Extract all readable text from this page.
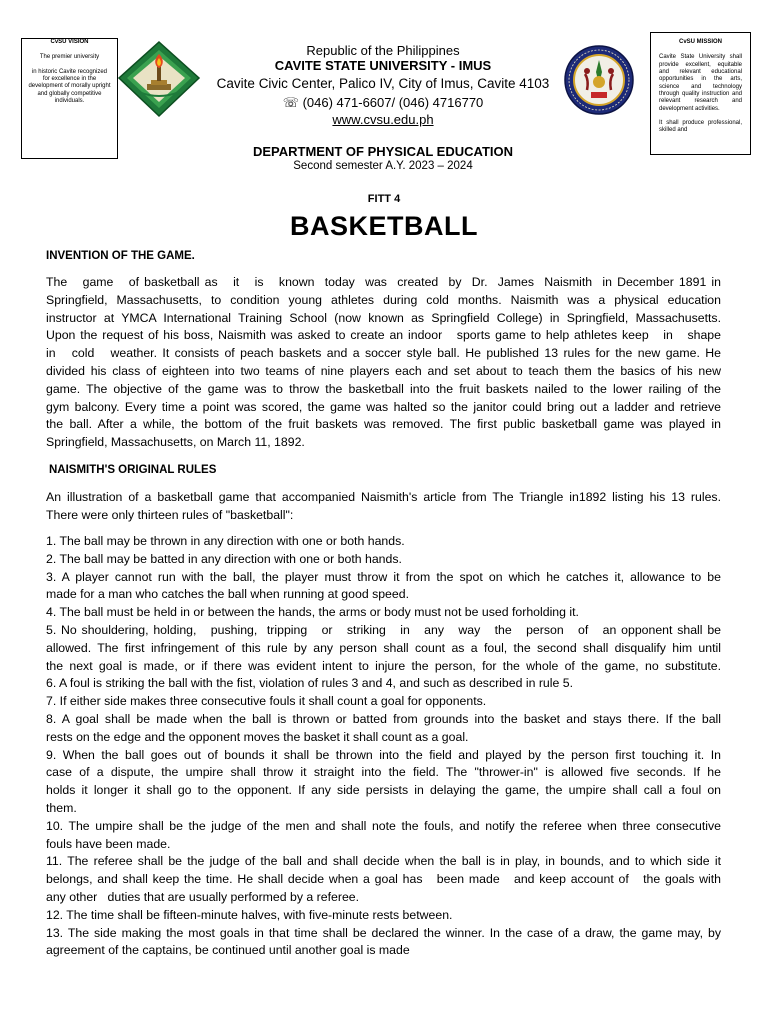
CvSU VISION
The premier university
in historic Cavite recognized for excellence in the development of morally upright and globally competitive individuals.
Republic of the Philippines
CAVITE STATE UNIVERSITY - IMUS
Cavite Civic Center, Palico IV, City of Imus, Cavite 4103
☏ (046) 471-6607/ (046) 4716770
www.cvsu.edu.ph
DEPARTMENT OF PHYSICAL EDUCATION
Second semester A.Y. 2023 – 2024
CvSU MISSION
Cavite State University shall provide excellent, equitable and relevant educational opportunities in the arts, science and technology through quality instruction and relevant research and development activities.
It shall produce professional, skilled and
FITT 4
BASKETBALL
INVENTION OF THE GAME.
The   game   of basketball as   it   is   known  today  was  created  by  Dr.  James  Naismith  in December 1891 in
Springfield, Massachusetts, to condition young athletes during cold months. Naismith was a physical education
instructor at YMCA International Training School (now known as Springfield College) in Springfield, Massachusetts.
Upon the request of his boss, Naismith was asked to create an indoor   sports game to help athletes keep   in   shape
in   cold   weather. It consists of peach baskets and a soccer style ball. He published 13 rules for the new game. He
divided his class of eighteen into two teams of nine players each and set about to teach them the basics of his new
game. The objective of the game was to throw the basketball into the fruit baskets nailed to the lower railing of the
gym balcony. Every time a point was scored, the game was halted so the janitor could bring out a ladder and retrieve
the ball. After a while, the bottom of the fruit baskets was removed. The first public basketball game was played in
Springfield, Massachusetts, on March 11, 1892.
NAISMITH'S ORIGINAL RULES
An illustration of a basketball game that accompanied Naismith's article from The Triangle in1892 listing his 13 rules.
There were only thirteen rules of "basketball":
1. The ball may be thrown in any direction with one or both hands.
2. The ball may be batted in any direction with one or both hands.
3. A player cannot run with the ball, the player must throw it from the spot on which he catches it, allowance to be
made for a man who catches the ball when running at good speed.
4. The ball must be held in or between the hands, the arms or body must not be used forholding it.
5. No shouldering, holding,   pushing,  tripping   or   striking   in   any   way   the   person   of   an opponent shall be
allowed. The first infringement of this rule by any person shall count as a foul, the second shall disqualify him until
the next goal is made, or if there was evident intent to injure the person, for the whole of the game, no substitute.
6. A foul is striking the ball with the fist, violation of rules 3 and 4, and such as described in rule 5.
7. If either side makes three consecutive fouls it shall count a goal for opponents.
8. A goal shall be made when the ball is thrown or batted from grounds into the basket and stays there. If the ball
rests on the edge and the opponent moves the basket it shall count as a goal.
9. When the ball goes out of bounds it shall be thrown into the field and played by the person first touching it. In
case of a dispute, the umpire shall throw it straight into the field. The "thrower-in" is allowed five seconds. If he
holds it longer it shall go to the opponent. If any side persists in delaying the game, the umpire shall call a foul on
them.
10. The umpire shall be the judge of the men and shall note the fouls, and notify the referee when three consecutive
fouls have been made.
11. The referee shall be the judge of the ball and shall decide when the ball is in play, in bounds, and to which side it
belongs, and shall keep the time. He shall decide when a goal has   been made   and keep account of   the goals with
any other   duties that are usually performed by a referee.
12. The time shall be fifteen-minute halves, with five-minute rests between.
13. The side making the most goals in that time shall be declared the winner. In the case of a draw, the game may, by
agreement of the captains, be continued until another goal is made
